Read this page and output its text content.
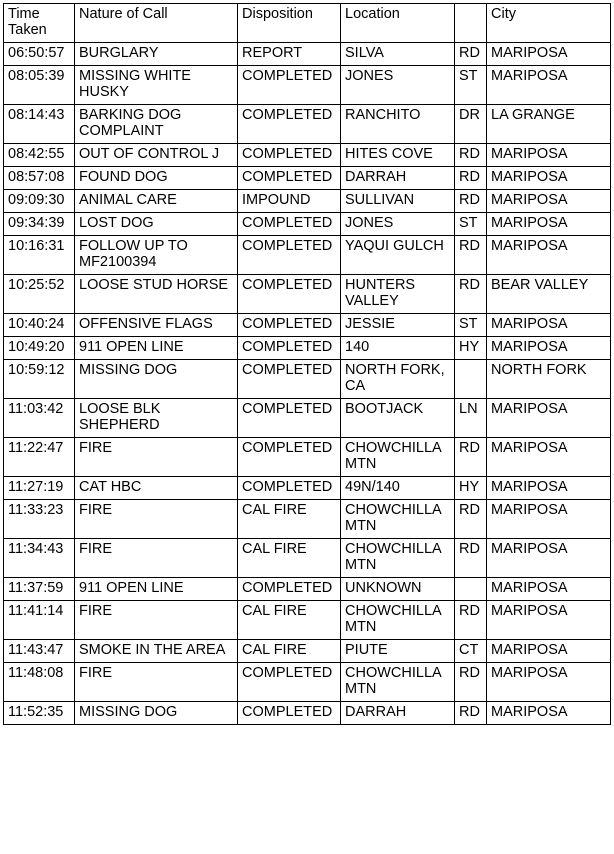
Time Taken	Nature of Call	Disposition	Location		City
06:50:57	BURGLARY	REPORT	SILVA	RD	MARIPOSA
08:05:39	MISSING WHITE HUSKY	COMPLETED	JONES	ST	MARIPOSA
08:14:43	BARKING DOG COMPLAINT	COMPLETED	RANCHITO	DR	LA GRANGE
08:42:55	OUT OF CONTROL J	COMPLETED	HITES COVE	RD	MARIPOSA
08:57:08	FOUND DOG	COMPLETED	DARRAH	RD	MARIPOSA
09:09:30	ANIMAL CARE	IMPOUND	SULLIVAN	RD	MARIPOSA
09:34:39	LOST DOG	COMPLETED	JONES	ST	MARIPOSA
10:16:31	FOLLOW UP TO MF2100394	COMPLETED	YAQUI GULCH	RD	MARIPOSA
10:25:52	LOOSE STUD HORSE	COMPLETED	HUNTERS VALLEY	RD	BEAR VALLEY
10:40:24	OFFENSIVE FLAGS	COMPLETED	JESSIE	ST	MARIPOSA
10:49:20	911 OPEN LINE	COMPLETED	140	HY	MARIPOSA
10:59:12	MISSING DOG	COMPLETED	NORTH FORK, CA		NORTH FORK
11:03:42	LOOSE BLK SHEPHERD	COMPLETED	BOOTJACK	LN	MARIPOSA
11:22:47	FIRE	COMPLETED	CHOWCHILLA MTN	RD	MARIPOSA
11:27:19	CAT HBC	COMPLETED	49N/140	HY	MARIPOSA
11:33:23	FIRE	CAL FIRE	CHOWCHILLA MTN	RD	MARIPOSA
11:34:43	FIRE	CAL FIRE	CHOWCHILLA MTN	RD	MARIPOSA
11:37:59	911 OPEN LINE	COMPLETED	UNKNOWN		MARIPOSA
11:41:14	FIRE	CAL FIRE	CHOWCHILLA MTN	RD	MARIPOSA
11:43:47	SMOKE IN THE AREA	CAL FIRE	PIUTE	CT	MARIPOSA
11:48:08	FIRE	COMPLETED	CHOWCHILLA MTN	RD	MARIPOSA
11:52:35	MISSING DOG	COMPLETED	DARRAH	RD	MARIPOSA
